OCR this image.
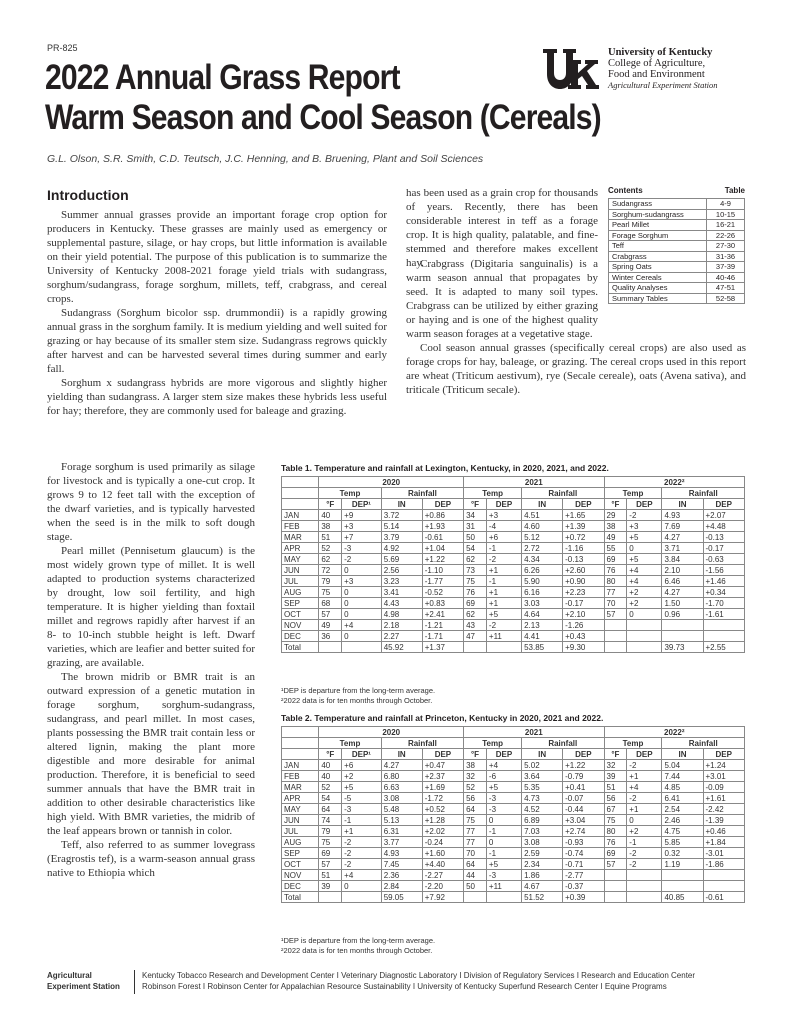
PR-825
2022 Annual Grass Report
Warm Season and Cool Season (Cereals)
G.L. Olson, S.R. Smith, C.D. Teutsch, J.C. Henning, and B. Bruening, Plant and Soil Sciences
University of Kentucky
College of Agriculture,
Food and Environment
Agricultural Experiment Station

Introduction

Summer annual grasses provide an important forage crop option for producers in Kentucky. These grasses are mainly used as emergency or supplemental pasture, silage, or hay crops, but little information is available on their yield potential. The purpose of this publication is to summarize the University of Kentucky 2008-2021 forage yield trials with sudangrass, sorghum/sudangrass, forage sorghum, millets, teff, crabgrass, and cereal crops.

Sudangrass (Sorghum bicolor ssp. drummondii) is a rapidly growing annual grass in the sorghum family. It is medium yielding and well suited for grazing or hay because of its smaller stem size. Sudangrass regrows quickly after harvest and can be harvested several times during summer and early fall.

Sorghum x sudangrass hybrids are more vigorous and slightly higher yielding than sudangrass. A larger stem size makes these hybrids less useful for hay; therefore, they are commonly used for baleage and grazing.

Forage sorghum is used primarily as silage for livestock and is typically a one-cut crop. It grows 9 to 12 feet tall with the exception of the dwarf varieties, and is typically harvested when the seed is in the milk to soft dough stage.

Pearl millet (Pennisetum glaucum) is the most widely grown type of millet. It is well adapted to production systems characterized by drought, low soil fertility, and high temperature. It is higher yielding than foxtail millet and regrows rapidly after harvest if an 8- to 10-inch stubble height is left. Dwarf varieties, which are leafier and better suited for grazing, are available.

The brown midrib or BMR trait is an outward expression of a genetic mutation in forage sorghum, sorghum-sudangrass, sudangrass, and pearl millet. In most cases, plants possessing the BMR trait contain less or altered lignin, making the plant more digestible and more desirable for animal production. Therefore, it is beneficial to seed summer annuals that have the BMR trait in addition to other desirable characteristics like high yield. With BMR varieties, the midrib of the leaf appears brown or tannish in color.

Teff, also referred to as summer lovegrass (Eragrostis tef), is a warm-season annual grass native to Ethiopia which

has been used as a grain crop for thousands of years. Recently, there has been considerable interest in teff as a forage crop. It is high quality, palatable, and fine-stemmed and therefore makes excellent hay.

Crabgrass (Digitaria sanguinalis) is a warm season annual that propagates by seed. It is adapted to many soil types. Crabgrass can be utilized by either grazing or haying and is one of the highest quality warm season forages at a vegetative stage.

Cool season annual grasses (specifically cereal crops) are also used as forage crops for hay, baleage, or grazing. The cereal crops used in this report are wheat (Triticum aestivum), rye (Secale cereale), oats (Avena sativa), and triticale (Triticum secale).

Contents	Table
Sudangrass	4-9
Sorghum-sudangrass	10-15
Pearl Millet	16-21
Forage Sorghum	22-26
Teff	27-30
Crabgrass	31-36
Spring Oats	37-39
Winter Cereals	40-46
Quality Analyses	47-51
Summary Tables	52-58
Table 1. Temperature and rainfall at Lexington, Kentucky, in 2020, 2021, and 2022.
	2020				2021				2022²			
	Temp		Rainfall		Temp		Rainfall		Temp		Rainfall	
	°F	DEP¹	IN	DEP	°F	DEP	IN	DEP	°F	DEP	IN	DEP
JAN	40	+9	3.72	+0.86	34	+3	4.51	+1.65	29	-2	4.93	+2.07
FEB	38	+3	5.14	+1.93	31	-4	4.60	+1.39	38	+3	7.69	+4.48
MAR	51	+7	3.79	-0.61	50	+6	5.12	+0.72	49	+5	4.27	-0.13
APR	52	-3	4.92	+1.04	54	-1	2.72	-1.16	55	0	3.71	-0.17
MAY	62	-2	5.69	+1.22	62	-2	4.34	-0.13	69	+5	3.84	-0.63
JUN	72	0	2.56	-1.10	73	+1	6.26	+2.60	76	+4	2.10	-1.56
JUL	79	+3	3.23	-1.77	75	-1	5.90	+0.90	80	+4	6.46	+1.46
AUG	75	0	3.41	-0.52	76	+1	6.16	+2.23	77	+2	4.27	+0.34
SEP	68	0	4.43	+0.83	69	+1	3.03	-0.17	70	+2	1.50	-1.70
OCT	57	0	4.98	+2.41	62	+5	4.64	+2.10	57	0	0.96	-1.61
NOV	49	+4	2.18	-1.21	43	-2	2.13	-1.26				
DEC	36	0	2.27	-1.71	47	+11	4.41	+0.43				
Total			45.92	+1.37			53.85	+9.30			39.73	+2.55
¹DEP is departure from the long-term average.
²2022 data is for ten months through October.
Table 2. Temperature and rainfall at Princeton, Kentucky in 2020, 2021 and 2022.
	2020				2021				2022²			
	Temp		Rainfall		Temp		Rainfall		Temp		Rainfall	
	°F	DEP¹	IN	DEP	°F	DEP	IN	DEP	°F	DEP	IN	DEP
JAN	40	+6	4.27	+0.47	38	+4	5.02	+1.22	32	-2	5.04	+1.24
FEB	40	+2	6.80	+2.37	32	-6	3.64	-0.79	39	+1	7.44	+3.01
MAR	52	+5	6.63	+1.69	52	+5	5.35	+0.41	51	+4	4.85	-0.09
APR	54	-5	3.08	-1.72	56	-3	4.73	-0.07	56	-2	6.41	+1.61
MAY	64	-3	5.48	+0.52	64	-3	4.52	-0.44	67	+1	2.54	-2.42
JUN	74	-1	5.13	+1.28	75	0	6.89	+3.04	75	0	2.46	-1.39
JUL	79	+1	6.31	+2.02	77	-1	7.03	+2.74	80	+2	4.75	+0.46
AUG	75	-2	3.77	-0.24	77	0	3.08	-0.93	76	-1	5.85	+1.84
SEP	69	-2	4.93	+1.60	70	-1	2.59	-0.74	69	-2	0.32	-3.01
OCT	57	-2	7.45	+4.40	64	+5	2.34	-0.71	57	-2	1.19	-1.86
NOV	51	+4	2.36	-2.27	44	-3	1.86	-2.77				
DEC	39	0	2.84	-2.20	50	+11	4.67	-0.37				
Total			59.05	+7.92			51.52	+0.39			40.85	-0.61
¹DEP is departure from the long-term average.
²2022 data is for ten months through October.
Agricultural
Experiment Station
Kentucky Tobacco Research and Development Center I Veterinary Diagnostic Laboratory I Division of Regulatory Services I Research and Education Center
Robinson Forest I Robinson Center for Appalachian Resource Sustainability I University of Kentucky Superfund Research Center I Equine Programs
